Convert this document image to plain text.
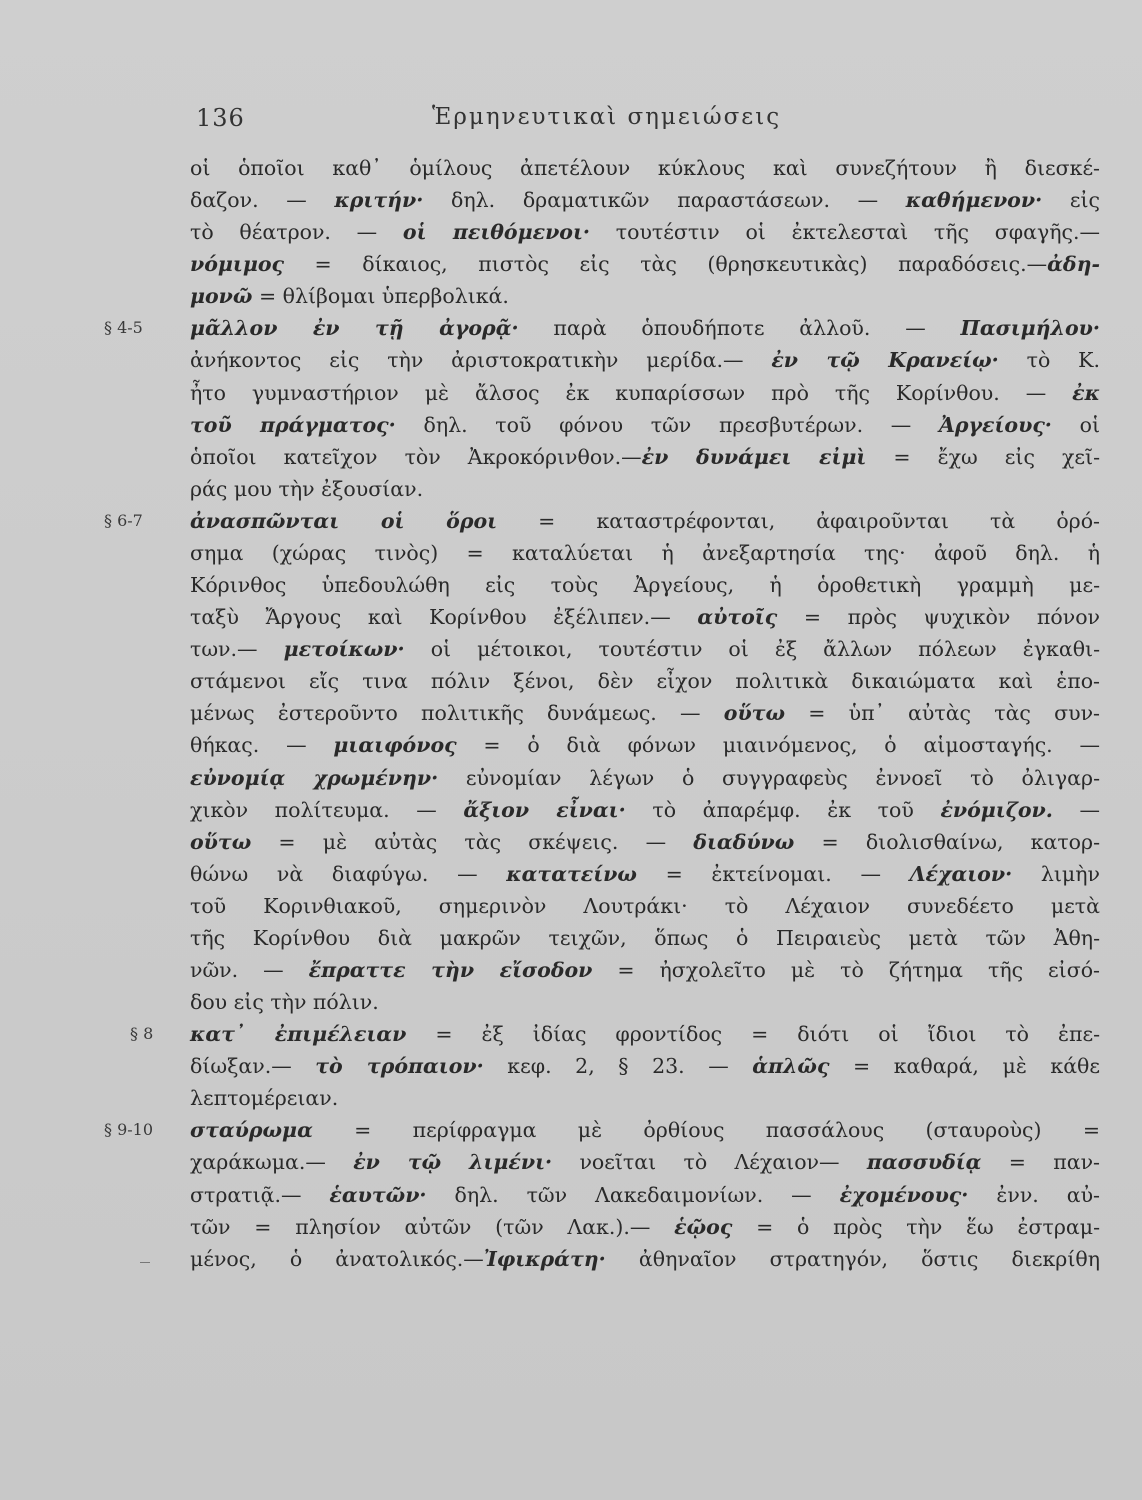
136	Ἑρμηνευτικαὶ σημειώσεις
οἱ ὁποῖοι καθ᾽ ὁμίλους ἀπετέλουν κύκλους καὶ συνεζήτουν ἢ διεσκέ-
δαζον. — κριτήν· δηλ. δραματικῶν παραστάσεων. — καθήμενον· εἰς
τὸ θέατρον. — οἱ πειθόμενοι· τουτέστιν οἱ ἐκτελεσταὶ τῆς σφαγῆς.—
νόμιμος = δίκαιος, πιστὸς εἰς τὰς (θρησκευτικὰς) παραδόσεις.—ἀδη-
μονῶ = θλίβομαι ὑπερβολικά.
μᾶλλον ἐν τῇ ἀγορᾷ· παρὰ ὁπουδήποτε ἀλλοῦ. — Πασιμήλου·
§ 4-5
ἀνήκοντος εἰς τὴν ἀριστοκρατικὴν μερίδα.— ἐν τῷ Κρανείῳ· τὸ Κ.
ἦτο γυμναστήριον μὲ ἄλσος ἐκ κυπαρίσσων πρὸ τῆς Κορίνθου. — ἐκ
τοῦ πράγματος· δηλ. τοῦ φόνου τῶν πρεσβυτέρων. — Ἀργείους· οἱ
ὁποῖοι κατεῖχον τὸν Ἀκροκόρινθον.—ἐν δυνάμει εἰμὶ = ἔχω εἰς χεῖ-
ράς μου τὴν ἐξουσίαν.
ἀνασπῶνται οἱ ὅροι = καταστρέφονται, ἀφαιροῦνται τὰ ὁρό-
§ 6-7
σημα (χώρας τινὸς) = καταλύεται ἡ ἀνεξαρτησία της· ἀφοῦ δηλ. ἡ
Κόρινθος ὑπεδουλώθη εἰς τοὺς Ἀργείους, ἡ ὁροθετικὴ γραμμὴ με-
ταξὺ Ἄργους καὶ Κορίνθου ἐξέλιπεν.— αὐτοῖς = πρὸς ψυχικὸν πόνον
των.— μετοίκων· οἱ μέτοικοι, τουτέστιν οἱ ἐξ ἄλλων πόλεων ἐγκαθι-
στάμενοι εἴς τινα πόλιν ξένοι, δὲν εἶχον πολιτικὰ δικαιώματα καὶ ἑπο-
μένως ἐστεροῦντο πολιτικῆς δυνάμεως. — οὕτω = ὑπ᾽ αὐτὰς τὰς συν-
θήκας. — μιαιφόνος = ὁ διὰ φόνων μιαινόμενος, ὁ αἱμοσταγής. —
εὐνομίᾳ χρωμένην· εὐνομίαν λέγων ὁ συγγραφεὺς ἐννοεῖ τὸ ὀλιγαρ-
χικὸν πολίτευμα. — ἄξιον εἶναι· τὸ ἀπαρέμφ. ἐκ τοῦ ἐνόμιζον. —
οὕτω = μὲ αὐτὰς τὰς σκέψεις. — διαδύνω = διολισθαίνω, κατορ-
θώνω νὰ διαφύγω. — κατατείνω = ἐκτείνομαι. — Λέχαιον· λιμὴν
τοῦ Κορινθιακοῦ, σημερινὸν Λουτράκι· τὸ Λέχαιον συνεδέετο μετὰ
τῆς Κορίνθου διὰ μακρῶν τειχῶν, ὅπως ὁ Πειραιεὺς μετὰ τῶν Ἀθη-
νῶν. — ἔπραττε τὴν εἴσοδον = ἠσχολεῖτο μὲ τὸ ζήτημα τῆς εἰσό-
δου εἰς τὴν πόλιν.
κατ᾽ ἐπιμέλειαν = ἐξ ἰδίας φροντίδος = διότι οἱ ἴδιοι τὸ ἐπε-
§ 8
δίωξαν.— τὸ τρόπαιον· κεφ. 2, § 23. — ἁπλῶς = καθαρά, μὲ κάθε
λεπτομέρειαν.
σταύρωμα = περίφραγμα μὲ ὀρθίους πασσάλους (σταυροὺς) =
§ 9-10
χαράκωμα.— ἐν τῷ λιμένι· νοεῖται τὸ Λέχαιον— πασσυδίᾳ = παν-
στρατιᾷ.— ἑαυτῶν· δηλ. τῶν Λακεδαιμονίων. — ἐχομένους· ἐνν. αὐ-
τῶν = πλησίον αὐτῶν (τῶν Λακ.).— ἑῷος = ὁ πρὸς τὴν ἕω ἐστραμ-
μένος, ὁ ἀνατολικός.—Ἰφικράτη· ἀθηναῖον στρατηγόν, ὅστις διεκρίθη
